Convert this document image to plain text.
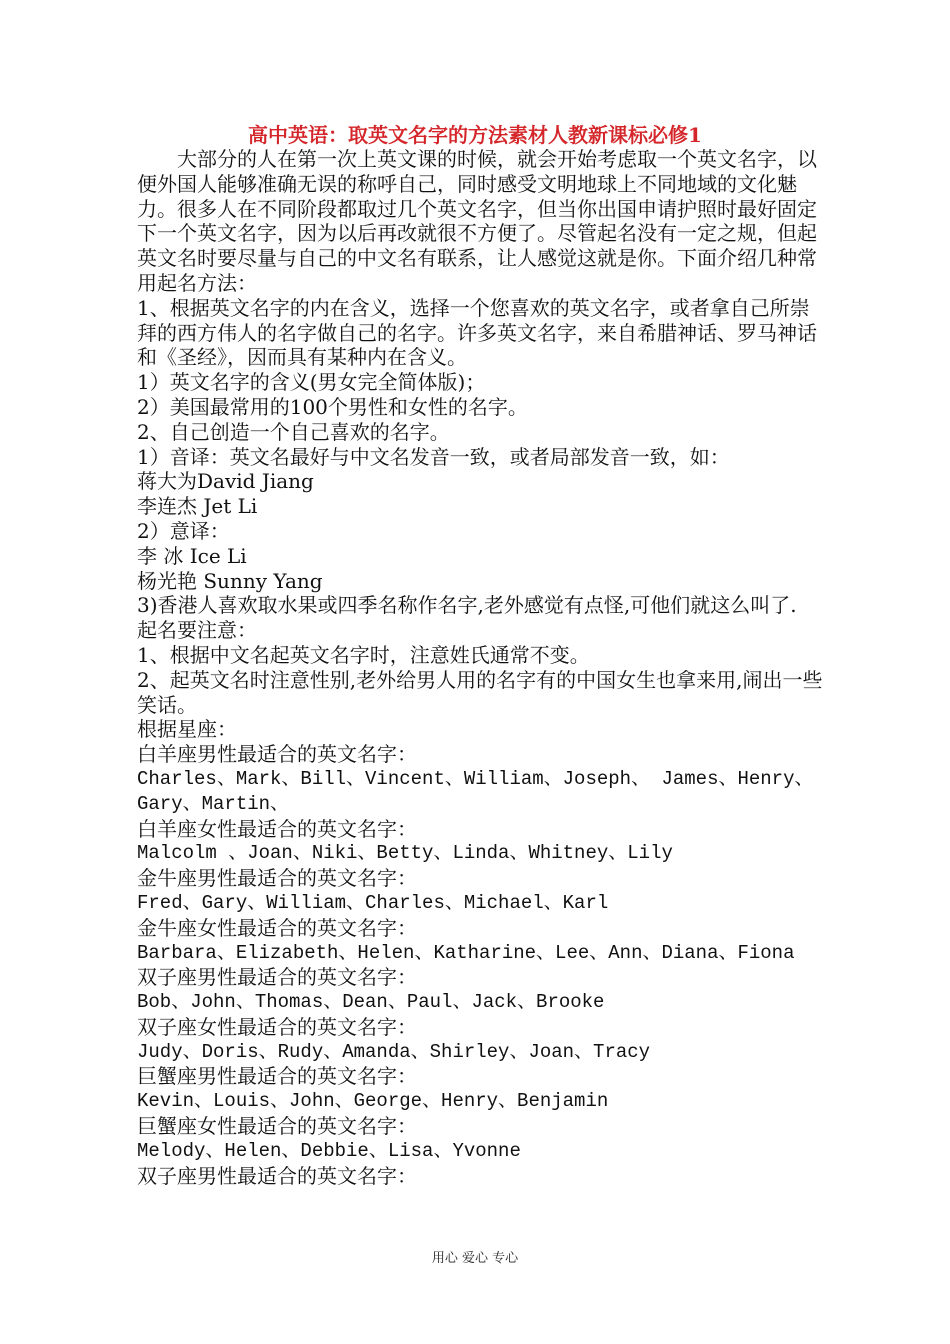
高中英语：取英文名字的方法素材人教新课标必修1

大部分的人在第一次上英文课的时候，就会开始考虑取一个英文名字，以便外国人能够准确无误的称呼自己，同时感受文明地球上不同地域的文化魅力。很多人在不同阶段都取过几个英文名字，但当你出国申请护照时最好固定下一个英文名字，因为以后再改就很不方便了。尽管起名没有一定之规，但起英文名时要尽量与自己的中文名有联系，让人感觉这就是你。下面介绍几种常用起名方法：

1、根据英文名字的内在含义，选择一个您喜欢的英文名字，或者拿自己所崇拜的西方伟人的名字做自己的名字。许多英文名字，来自希腊神话、罗马神话和《圣经》，因而具有某种内在含义。

1）英文名字的含义(男女完全简体版)；

2）美国最常用的100个男性和女性的名字。

2、自己创造一个自己喜欢的名字。

1）音译：英文名最好与中文名发音一致，或者局部发音一致，如：

蒋大为David Jiang

李连杰 Jet Li

2）意译：

李 冰 Ice Li

杨光艳 Sunny Yang

3)香港人喜欢取水果或四季名称作名字,老外感觉有点怪,可他们就这么叫了.

起名要注意：

1、根据中文名起英文名字时，注意姓氏通常不变。

2、起英文名时注意性别,老外给男人用的名字有的中国女生也拿来用,闹出一些笑话。

根据星座：

白羊座男性最适合的英文名字：

Charles、Mark、Bill、Vincent、William、Joseph、 James、Henry、Gary、Martin、

白羊座女性最适合的英文名字：

Malcolm 、Joan、Niki、Betty、Linda、Whitney、Lily

金牛座男性最适合的英文名字：

Fred、Gary、William、Charles、Michael、Karl

金牛座女性最适合的英文名字：

Barbara、Elizabeth、Helen、Katharine、Lee、Ann、Diana、Fiona

双子座男性最适合的英文名字：

Bob、John、Thomas、Dean、Paul、Jack、Brooke

双子座女性最适合的英文名字：

Judy、Doris、Rudy、Amanda、Shirley、Joan、Tracy

巨蟹座男性最适合的英文名字：

Kevin、Louis、John、George、Henry、Benjamin

巨蟹座女性最适合的英文名字：

Melody、Helen、Debbie、Lisa、Yvonne

双子座男性最适合的英文名字：

用心 爱心 专心
